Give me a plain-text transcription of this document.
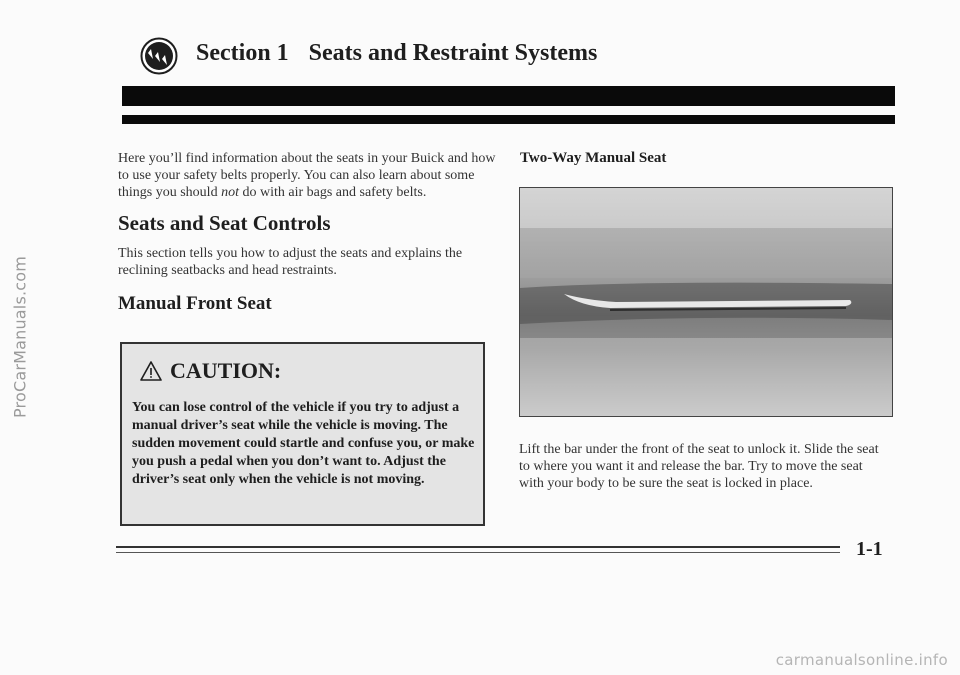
ProCarManuals.com
Section 1 Seats and Restraint Systems

Here you’ll find information about the seats in your Buick and how to use your safety belts properly. You can also learn about some things you should not do with air bags and safety belts.

Seats and Seat Controls

This section tells you how to adjust the seats and explains the reclining seatbacks and head restraints.

Manual Front Seat
CAUTION:

You can lose control of the vehicle if you try to adjust a manual driver’s seat while the vehicle is moving. The sudden movement could startle and confuse you, or make you push a pedal when you don’t want to. Adjust the driver’s seat only when the vehicle is not moving.

Two-Way Manual Seat

Lift the bar under the front of the seat to unlock it. Slide the seat to where you want it and release the bar. Try to move the seat with your body to be sure the seat is locked in place.

1-1
carmanualsonline.info
